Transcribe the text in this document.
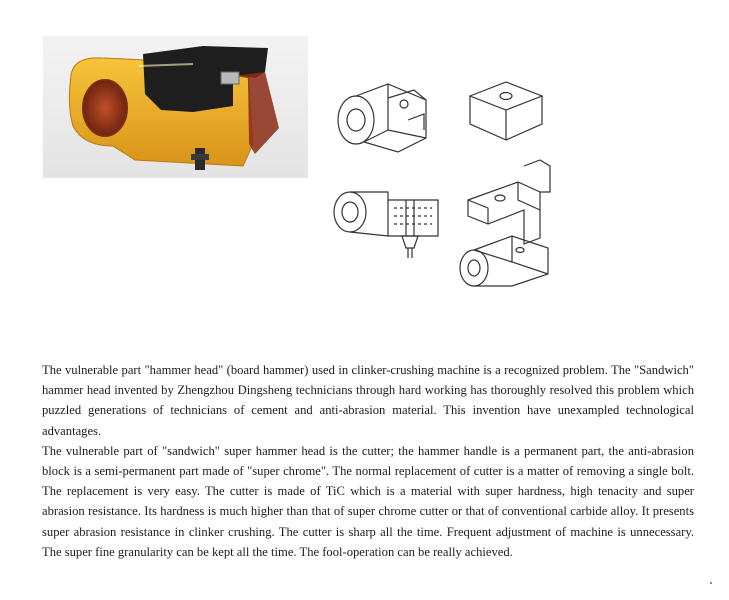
The vulnerable part "hammer head" (board hammer) used in clinker-crushing machine is a recognized problem. The "Sandwich" hammer head invented by Zhengzhou Dingsheng technicians through hard working has thoroughly resolved this problem which puzzled generations of technicians of cement and anti-abrasion material. This invention have unexampled technological advantages.

The vulnerable part of "sandwich" super hammer head is the cutter; the hammer handle is a permanent part, the anti-abrasion block is a semi-permanent part made of "super chrome". The normal replacement of cutter is a matter of removing a single bolt. The replacement is very easy. The cutter is made of TiC which is a material with super hardness, high tenacity and super abrasion resistance. Its hardness is much higher than that of super chrome cutter or that of conventional carbide alloy. It presents super abrasion resistance in clinker crushing. The cutter is sharp all the time. Frequent adjustment of machine is unnecessary. The super fine granularity can be kept all the time. The fool-operation can be really achieved.
